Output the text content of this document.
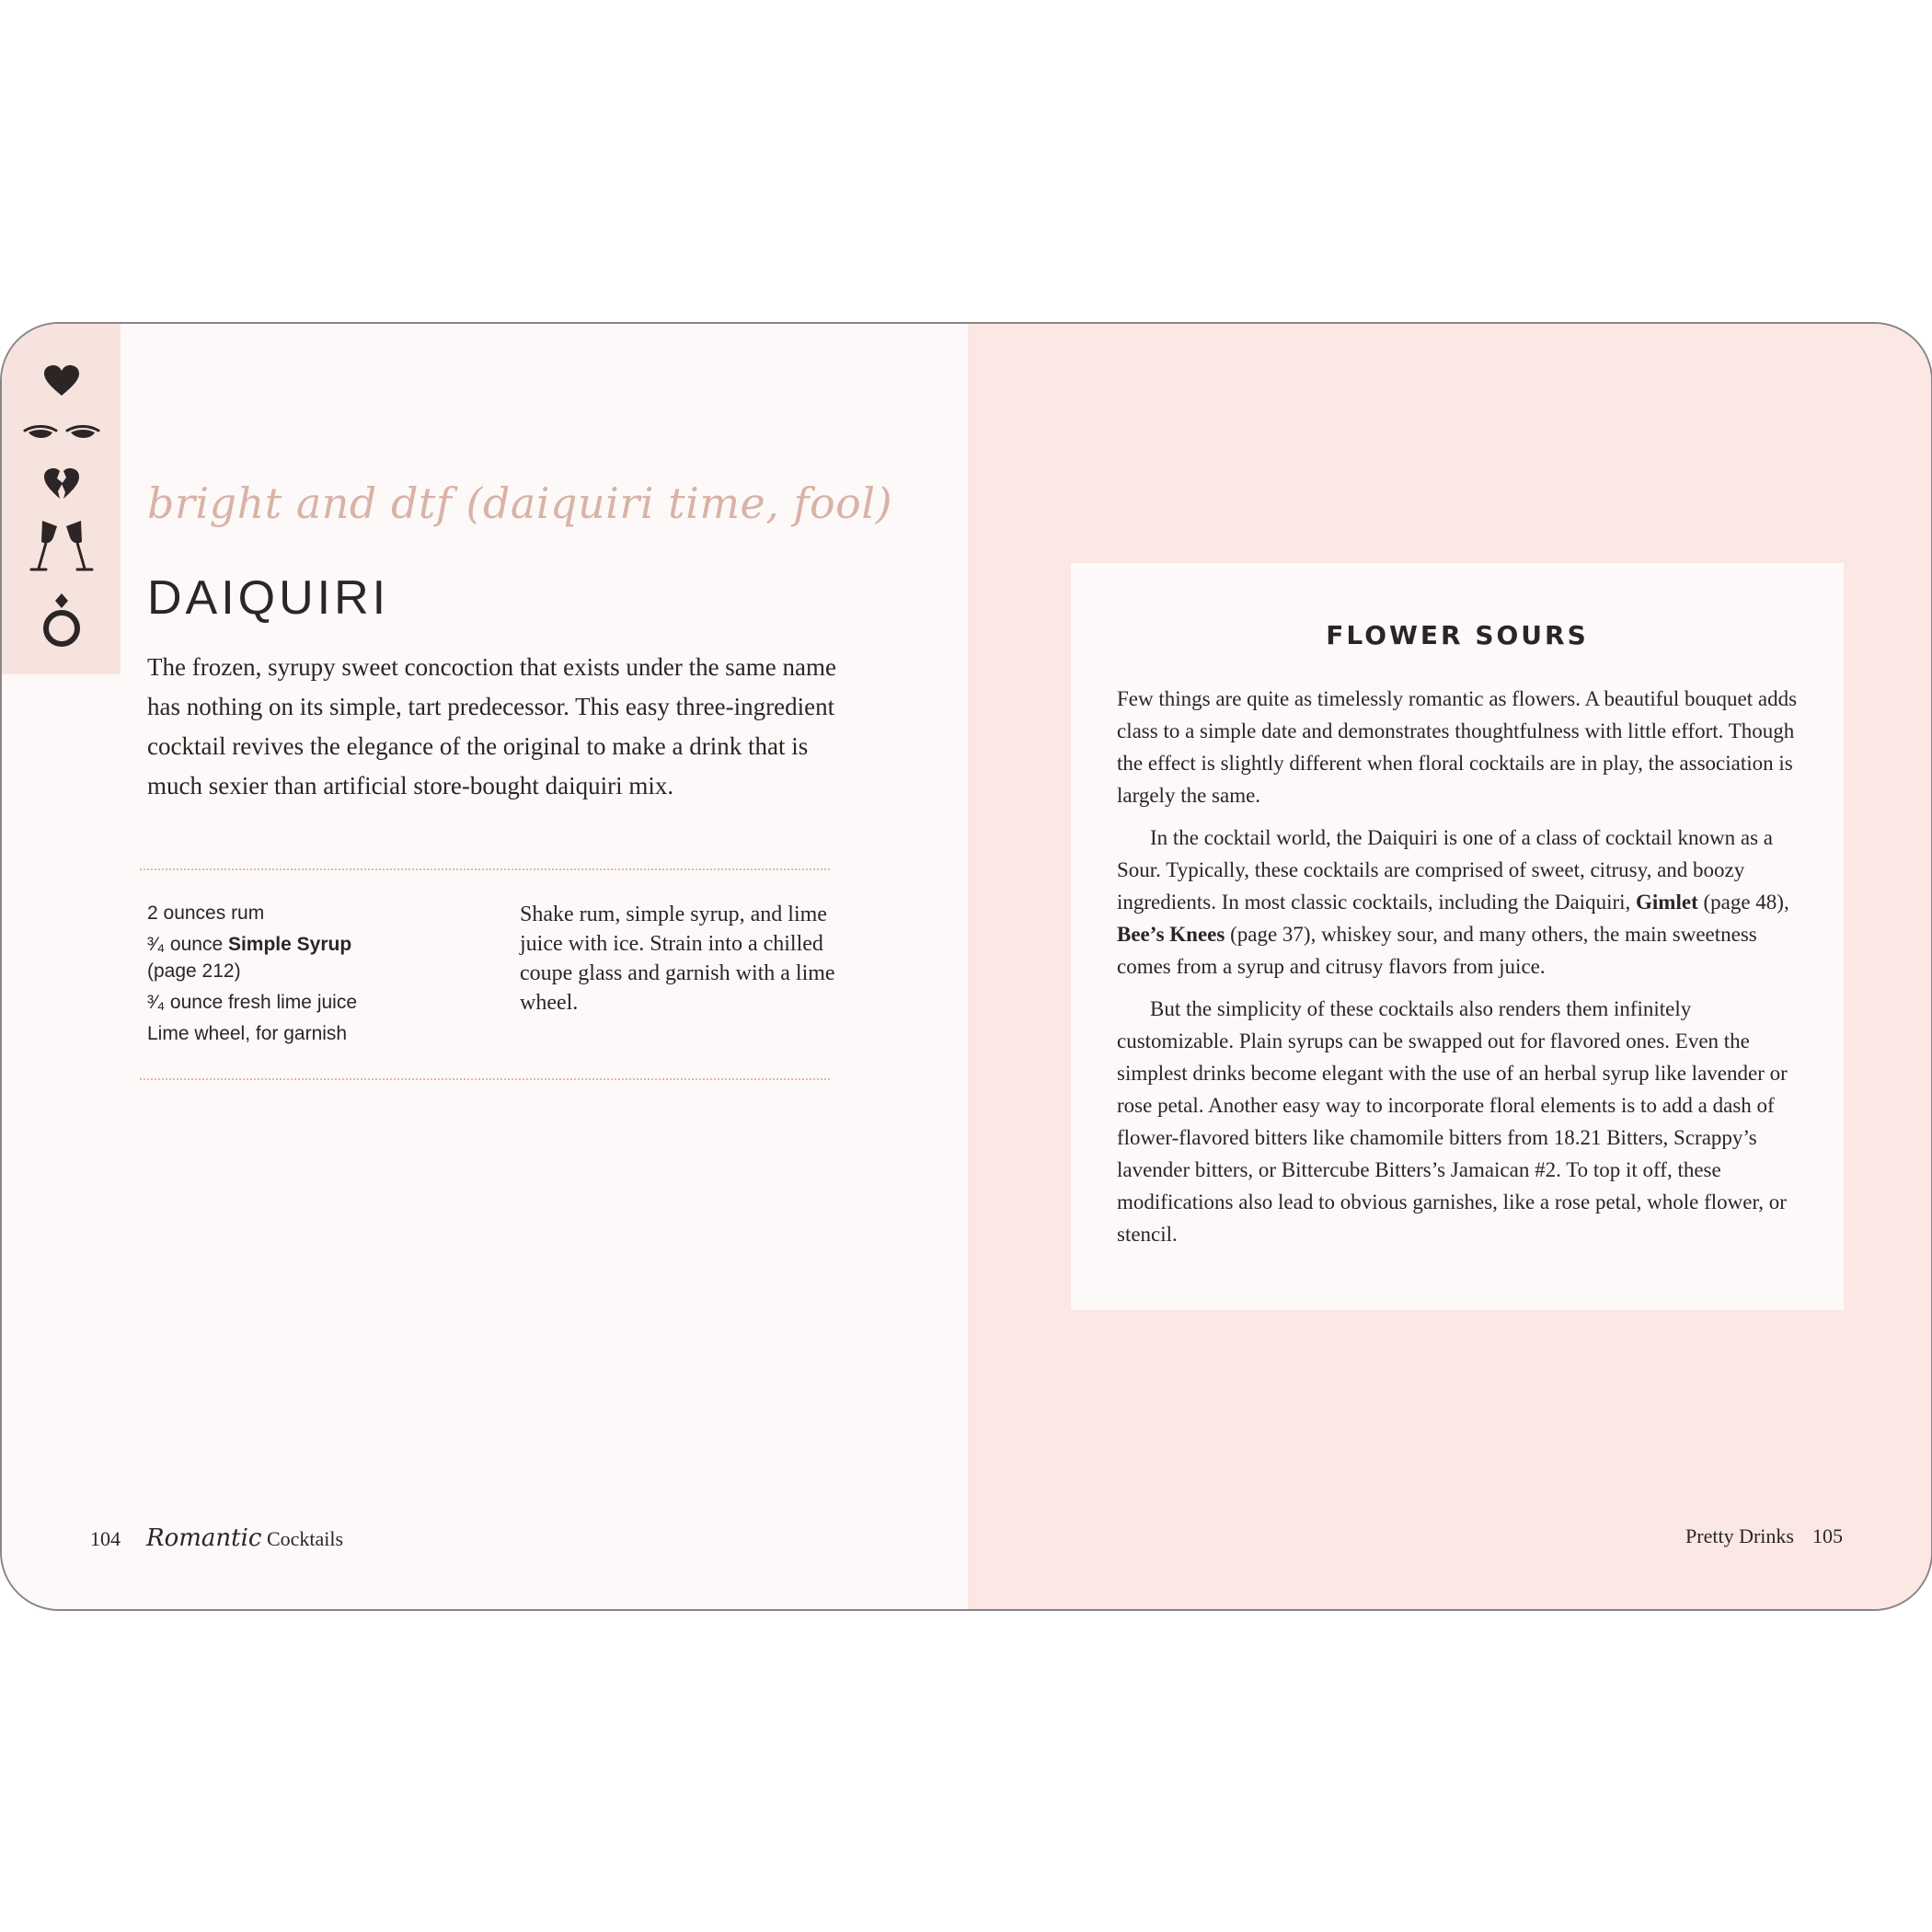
bright and dtf (daiquiri time, fool)
DAIQUIRI
The frozen, syrupy sweet concoction that exists under the same name has nothing on its simple, tart predecessor. This easy three-ingredient cocktail revives the elegance of the original to make a drink that is much sexier than artificial store-bought daiquiri mix.
2 ounces rum
³⁄₄ ounce Simple Syrup
(page 212)
³⁄₄ ounce fresh lime juice
Lime wheel, for garnish
Shake rum, simple syrup, and lime juice with ice. Strain into a chilled coupe glass and garnish with a lime wheel.
104 Romantic Cocktails
FLOWER SOURS

Few things are quite as timelessly romantic as flowers. A beautiful bouquet adds class to a simple date and demonstrates thoughtfulness with little effort. Though the effect is slightly different when floral cocktails are in play, the association is largely the same.

In the cocktail world, the Daiquiri is one of a class of cocktail known as a Sour. Typically, these cocktails are comprised of sweet, citrusy, and boozy ingredients. In most classic cocktails, including the Daiquiri, Gimlet (page 48), Bee’s Knees (page 37), whiskey sour, and many others, the main sweetness comes from a syrup and citrusy flavors from juice.

But the simplicity of these cocktails also renders them infinitely customizable. Plain syrups can be swapped out for flavored ones. Even the simplest drinks become elegant with the use of an herbal syrup like lavender or rose petal. Another easy way to incorporate floral elements is to add a dash of flower-flavored bitters like chamomile bitters from 18.21 Bitters, Scrappy’s lavender bitters, or Bittercube Bitters’s Jamaican #2. To top it off, these modifications also lead to obvious garnishes, like a rose petal, whole flower, or stencil.

Pretty Drinks 105
